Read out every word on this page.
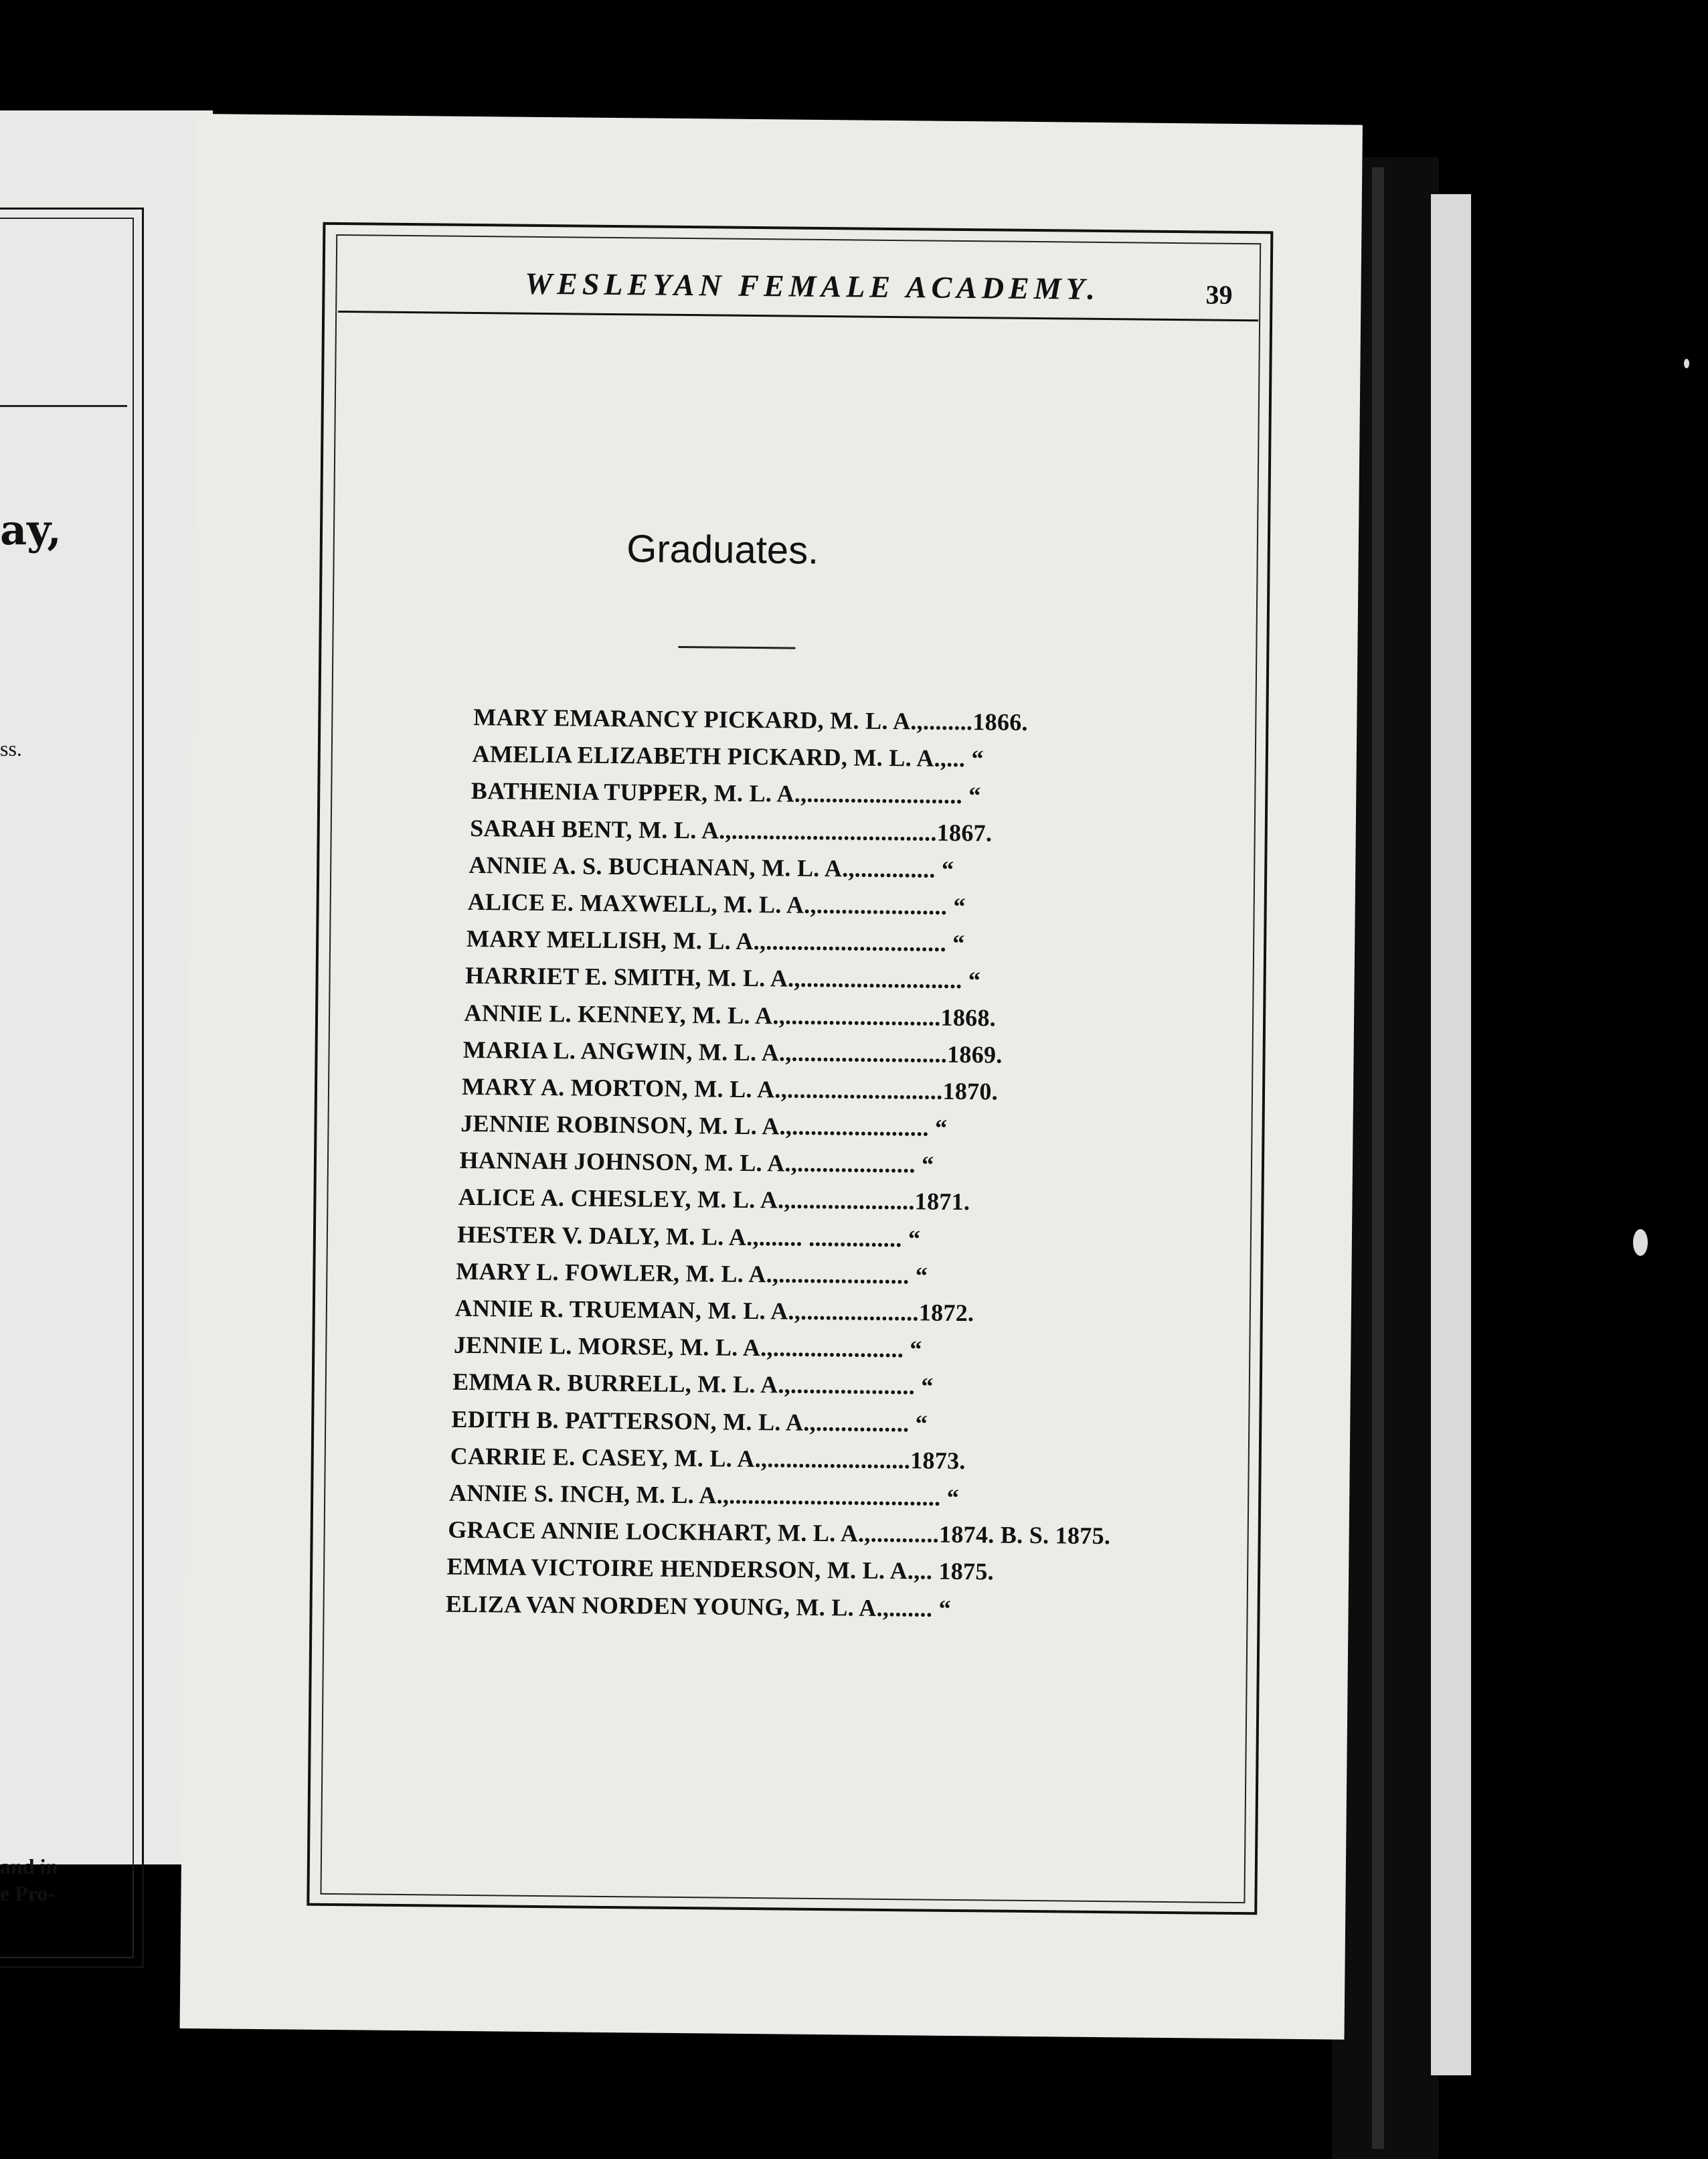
ay,
ss.
and in
e Pro-
WESLEYAN FEMALE ACADEMY.	39
Graduates.
MARY EMARANCY PICKARD, M. L. A.,........1866.
AMELIA ELIZABETH PICKARD, M. L. A.,... “
BATHENIA TUPPER, M. L. A.,......................... “
SARAH BENT, M. L. A.,.................................1867.
ANNIE A. S. BUCHANAN, M. L. A.,............. “
ALICE E. MAXWELL, M. L. A.,..................... “
MARY MELLISH, M. L. A.,............................. “
HARRIET E. SMITH, M. L. A.,.......................... “
ANNIE L. KENNEY, M. L. A.,.........................1868.
MARIA L. ANGWIN, M. L. A.,.........................1869.
MARY A. MORTON, M. L. A.,.........................1870.
JENNIE ROBINSON, M. L. A.,...................... “
HANNAH JOHNSON, M. L. A.,................... “
ALICE A. CHESLEY, M. L. A.,....................1871.
HESTER V. DALY, M. L. A.,....... ............... “
MARY L. FOWLER, M. L. A.,..................... “
ANNIE R. TRUEMAN, M. L. A.,...................1872.
JENNIE L. MORSE, M. L. A.,..................... “
EMMA R. BURRELL, M. L. A.,.................... “
EDITH B. PATTERSON, M. L. A.,............... “
CARRIE E. CASEY, M. L. A.,.......................1873.
ANNIE S. INCH, M. L. A.,.................................. “
GRACE ANNIE LOCKHART, M. L. A.,...........1874. B. S. 1875.
EMMA VICTOIRE HENDERSON, M. L. A.,.. 1875.
ELIZA VAN NORDEN YOUNG, M. L. A.,....... “
